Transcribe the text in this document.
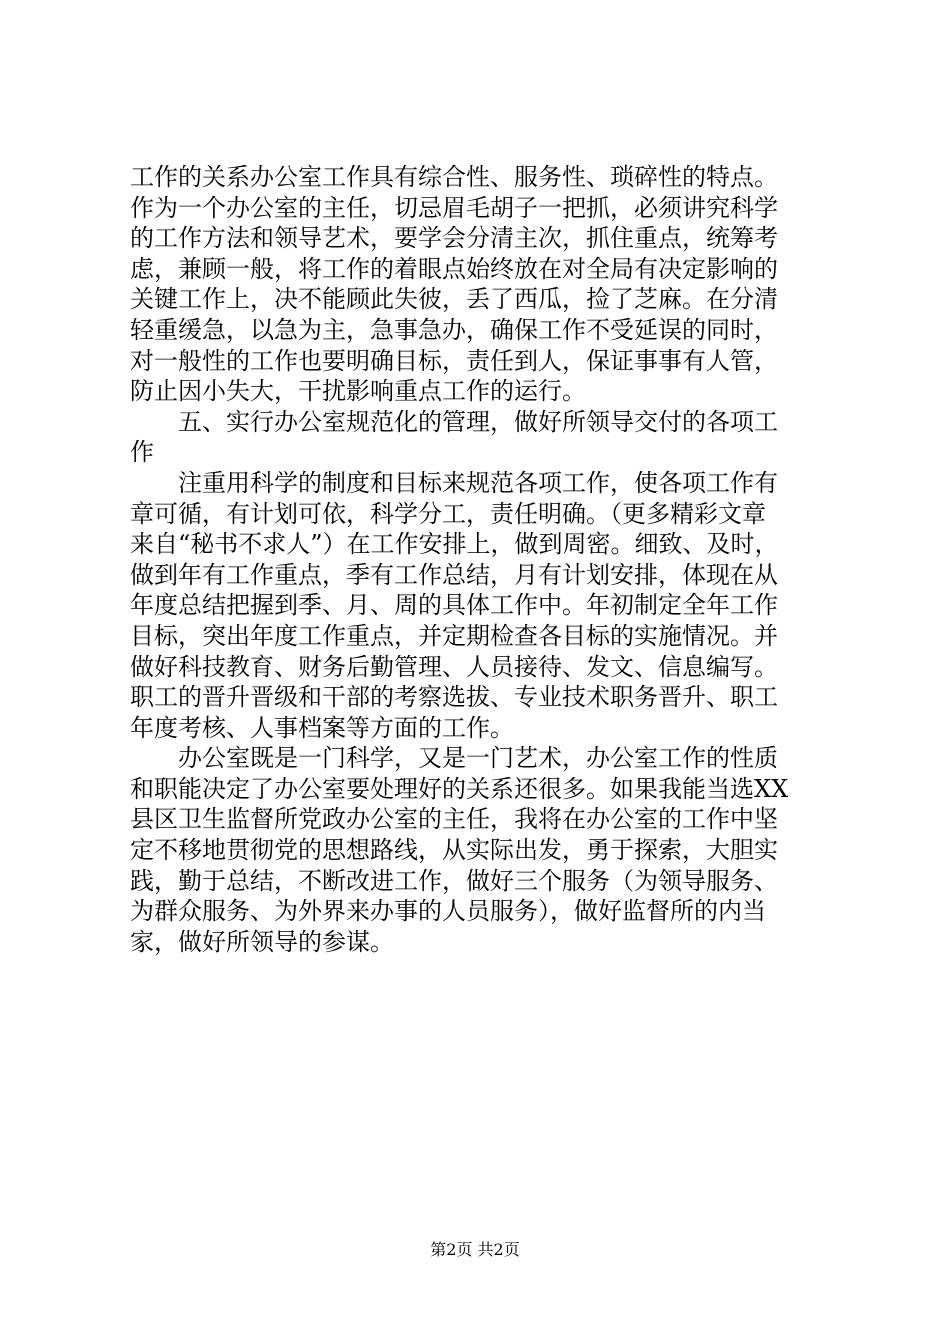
工作的关系办公室工作具有综合性、服务性、琐碎性的特点。
作为一个办公室的主任，切忌眉毛胡子一把抓，必须讲究科学
的工作方法和领导艺术，要学会分清主次，抓住重点，统筹考
虑，兼顾一般，将工作的着眼点始终放在对全局有决定影响的
关键工作上，决不能顾此失彼，丢了西瓜，捡了芝麻。在分清
轻重缓急，以急为主，急事急办，确保工作不受延误的同时，
对一般性的工作也要明确目标，责任到人，保证事事有人管，
防止因小失大，干扰影响重点工作的运行。
　　五、实行办公室规范化的管理，做好所领导交付的各项工
作
　　注重用科学的制度和目标来规范各项工作，使各项工作有
章可循，有计划可依，科学分工，责任明确。（更多精彩文章
来自“秘书不求人”）在工作安排上，做到周密。细致、及时，
做到年有工作重点，季有工作总结，月有计划安排，体现在从
年度总结把握到季、月、周的具体工作中。年初制定全年工作
目标，突出年度工作重点，并定期检查各目标的实施情况。并
做好科技教育、财务后勤管理、人员接待、发文、信息编写。
职工的晋升晋级和干部的考察选拔、专业技术职务晋升、职工
年度考核、人事档案等方面的工作。
　　办公室既是一门科学，又是一门艺术，办公室工作的性质
和职能决定了办公室要处理好的关系还很多。如果我能当选XX
县区卫生监督所党政办公室的主任，我将在办公室的工作中坚
定不移地贯彻党的思想路线，从实际出发，勇于探索，大胆实
践，勤于总结，不断改进工作，做好三个服务（为领导服务、
为群众服务、为外界来办事的人员服务），做好监督所的内当
家，做好所领导的参谋。
第2页 共2页
